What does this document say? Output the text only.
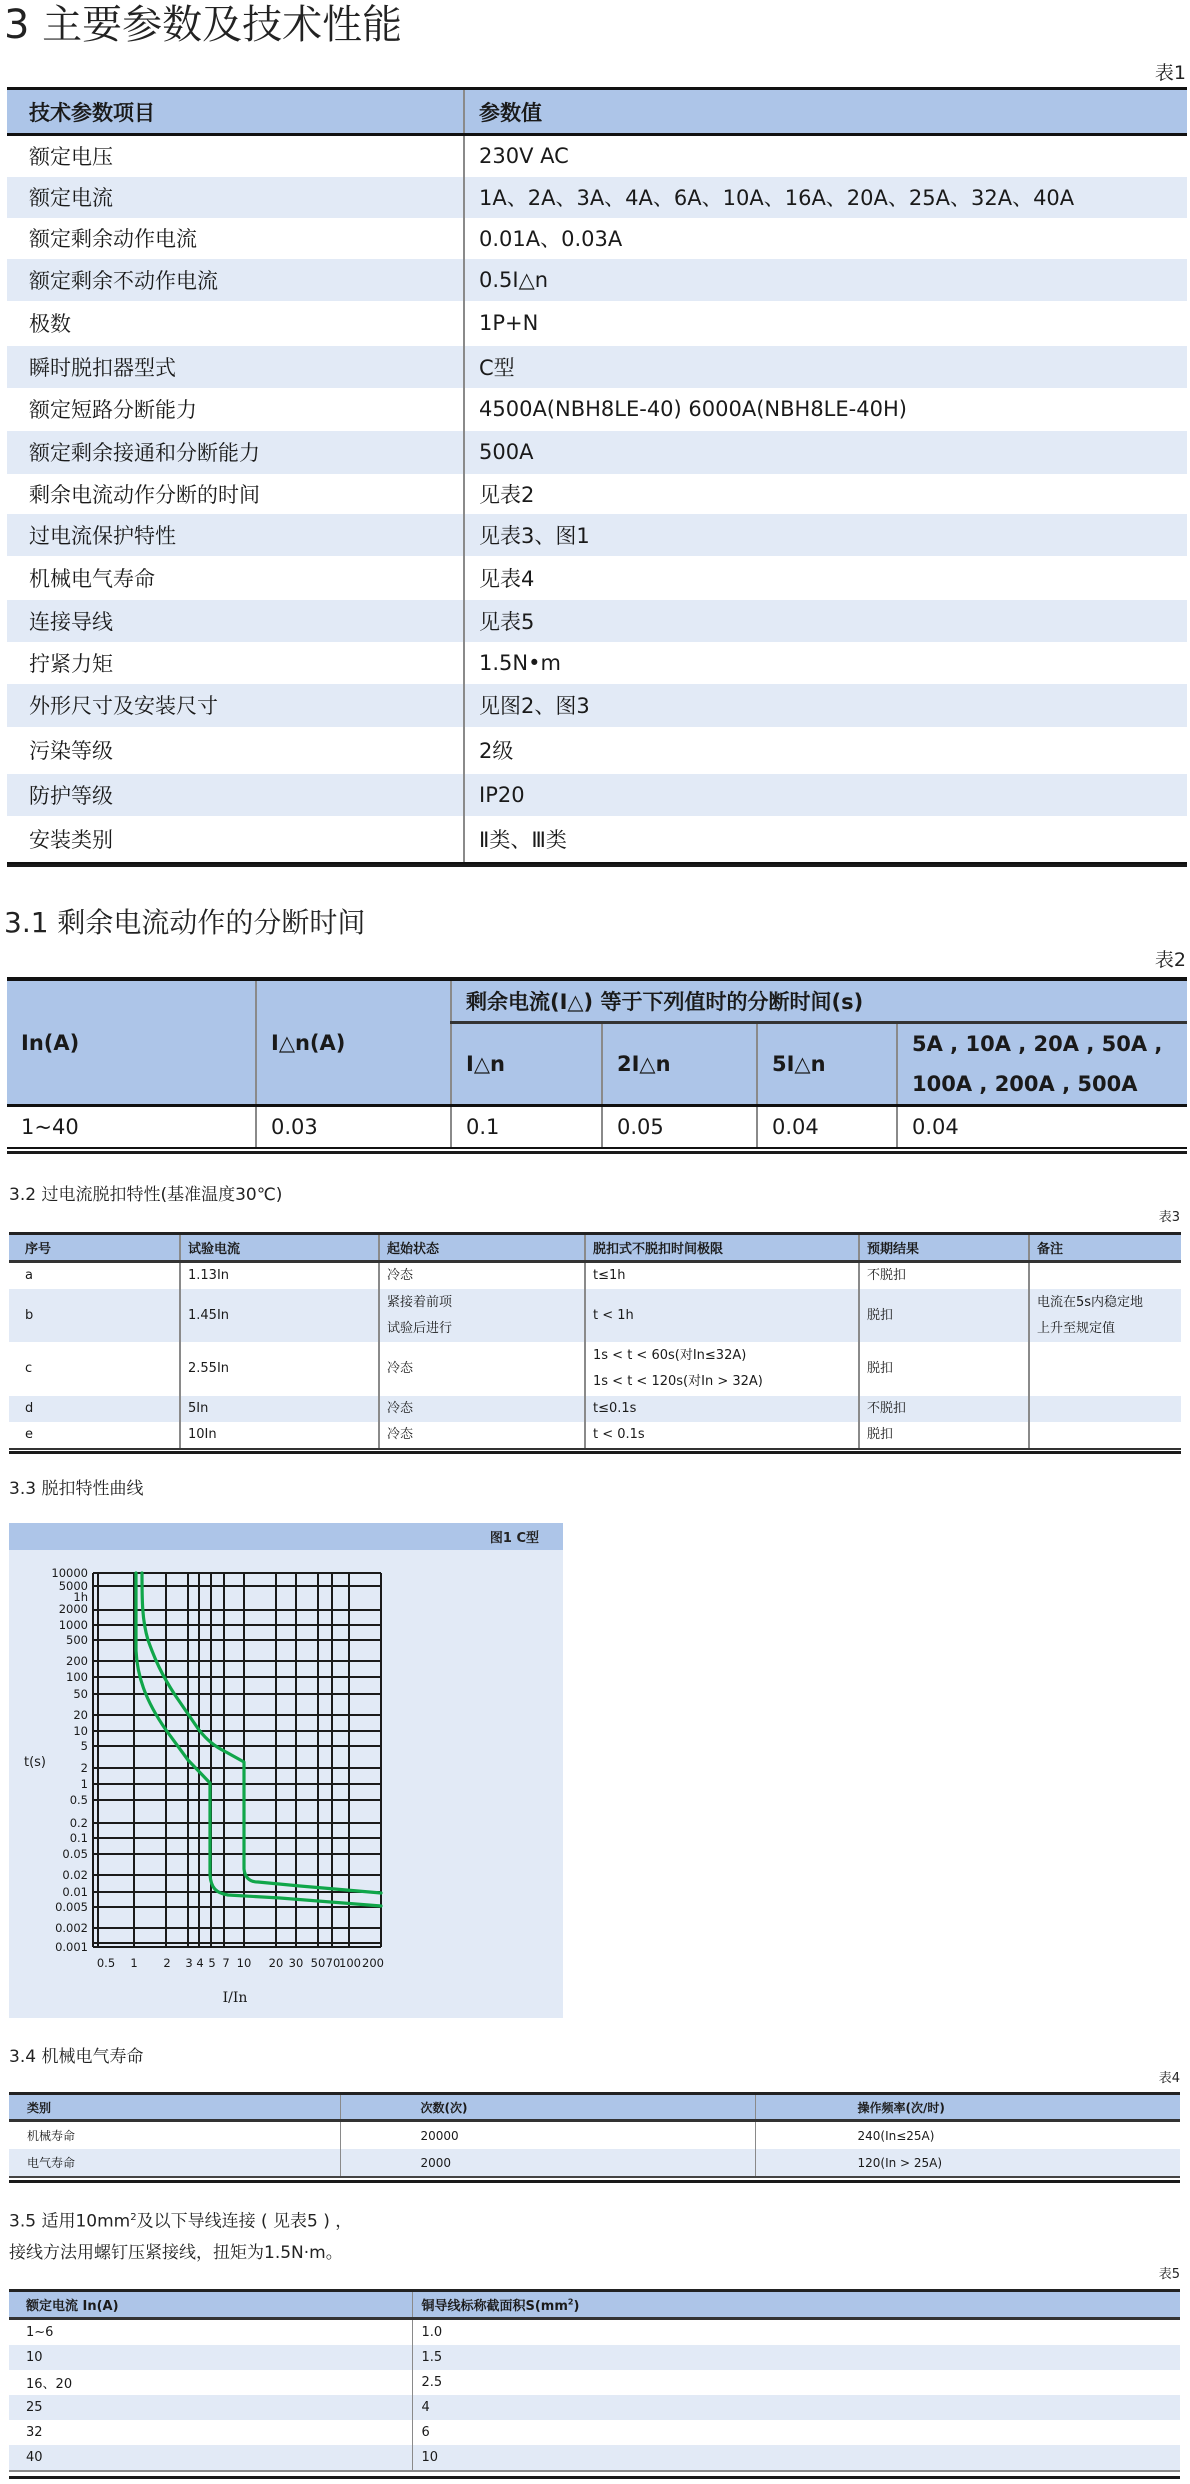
3 主要参数及技术性能
表1
技术参数项目	参数值
额定电压	230V AC
额定电流	1A、2A、3A、4A、6A、10A、16A、20A、25A、32A、40A
额定剩余动作电流	0.01A、0.03A
额定剩余不动作电流	0.5I△n
极数	1P+N
瞬时脱扣器型式	C型
额定短路分断能力	4500A(NBH8LE-40) 6000A(NBH8LE-40H)
额定剩余接通和分断能力	500A
剩余电流动作分断的时间	见表2
过电流保护特性	见表3、图1
机械电气寿命	见表4
连接导线	见表5
拧紧力矩	1.5N•m
外形尺寸及安装尺寸	见图2、图3
污染等级	2级
防护等级	IP20
安装类别	Ⅱ类、Ⅲ类
3.1 剩余电流动作的分断时间
表2
In(A)	I△n(A)	剩余电流(I△) 等于下列值时的分断时间(s)			
		I△n	2I△n	5I△n	5A , 10A , 20A , 50A ,
100A , 200A , 500A

1~40	0.03	0.1	0.05	0.04	0.04
3.2 过电流脱扣特性(基准温度30℃)
表3
序号	试验电流	起始状态	脱扣式不脱扣时间极限	预期结果	备注
a	1.13In	冷态	t≤1h	不脱扣	
b	1.45In	
紧接着前项
试验后进行
	t < 1h	脱扣	
电流在5s内稳定地
上升至规定值

c	2.55In	冷态	1s < t < 60s(对In≤32A)
1s < t < 120s(对In > 32A)	脱扣	
d	5In	冷态	t≤0.1s	不脱扣	
e	10In	冷态	t < 0.1s	脱扣	
3.3 脱扣特性曲线
图1 C型
10000
5000
1h
2000
1000
500
200
100
50
20
10
5
2
1
0.5
0.2
0.1
0.05
0.02
0.01
0.005
0.002
0.001
0.5 1 2 3 4 5 7 10 20 30 50 70
100 200
t(s)
I/In
3.4 机械电气寿命
表4
类别	次数(次)	操作频率(次/时)
机械寿命	20000	240(In≤25A)
电气寿命	2000	120(In > 25A)
3.5 适用$10mm^2$及以下导线连接 ( 见表5 ) ，
接线方法用螺钉压紧接线，扭矩为1.5N·m。
表5
额定电流 In(A)	铜导线标称截面积$S(mm^2)$
1~6	1.0
10	1.5
16、20	2.5
25	4
32	6
40	10
